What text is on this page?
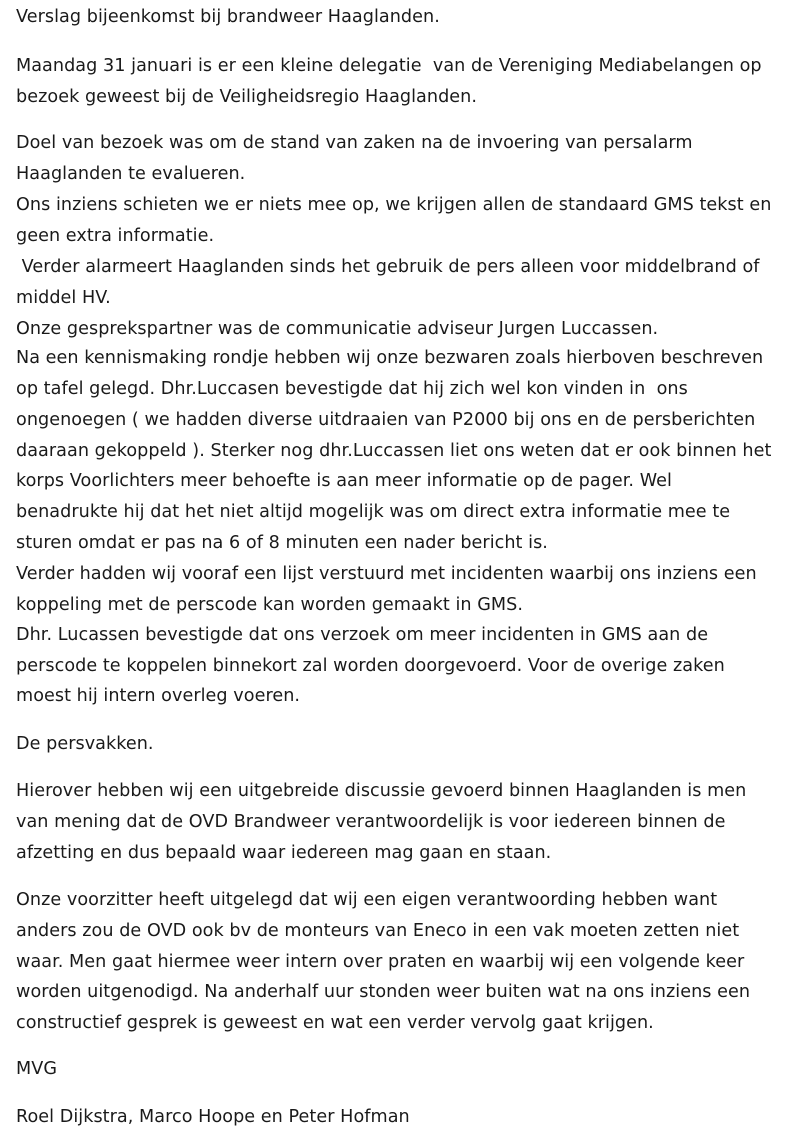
Verslag bijeenkomst bij brandweer Haaglanden.
Maandag 31 januari is er een kleine delegatie  van de Vereniging Mediabelangen op
bezoek geweest bij de Veiligheidsregio Haaglanden.
Doel van bezoek was om de stand van zaken na de invoering van persalarm
Haaglanden te evalueren.
Ons inziens schieten we er niets mee op, we krijgen allen de standaard GMS tekst en
geen extra informatie.
Verder alarmeert Haaglanden sinds het gebruik de pers alleen voor middelbrand of
middel HV.
Onze gesprekspartner was de communicatie adviseur Jurgen Luccassen.
Na een kennismaking rondje hebben wij onze bezwaren zoals hierboven beschreven
op tafel gelegd. Dhr.Luccasen bevestigde dat hij zich wel kon vinden in  ons
ongenoegen ( we hadden diverse uitdraaien van P2000 bij ons en de persberichten
daaraan gekoppeld ). Sterker nog dhr.Luccassen liet ons weten dat er ook binnen het
korps Voorlichters meer behoefte is aan meer informatie op de pager. Wel
benadrukte hij dat het niet altijd mogelijk was om direct extra informatie mee te
sturen omdat er pas na 6 of 8 minuten een nader bericht is.
Verder hadden wij vooraf een lijst verstuurd met incidenten waarbij ons inziens een
koppeling met de perscode kan worden gemaakt in GMS.
Dhr. Lucassen bevestigde dat ons verzoek om meer incidenten in GMS aan de
perscode te koppelen binnekort zal worden doorgevoerd. Voor de overige zaken
moest hij intern overleg voeren.
De persvakken.
Hierover hebben wij een uitgebreide discussie gevoerd binnen Haaglanden is men
van mening dat de OVD Brandweer verantwoordelijk is voor iedereen binnen de
afzetting en dus bepaald waar iedereen mag gaan en staan.
Onze voorzitter heeft uitgelegd dat wij een eigen verantwoording hebben want
anders zou de OVD ook bv de monteurs van Eneco in een vak moeten zetten niet
waar. Men gaat hiermee weer intern over praten en waarbij wij een volgende keer
worden uitgenodigd. Na anderhalf uur stonden weer buiten wat na ons inziens een
constructief gesprek is geweest en wat een verder vervolg gaat krijgen.
MVG
Roel Dijkstra, Marco Hoope en Peter Hofman
